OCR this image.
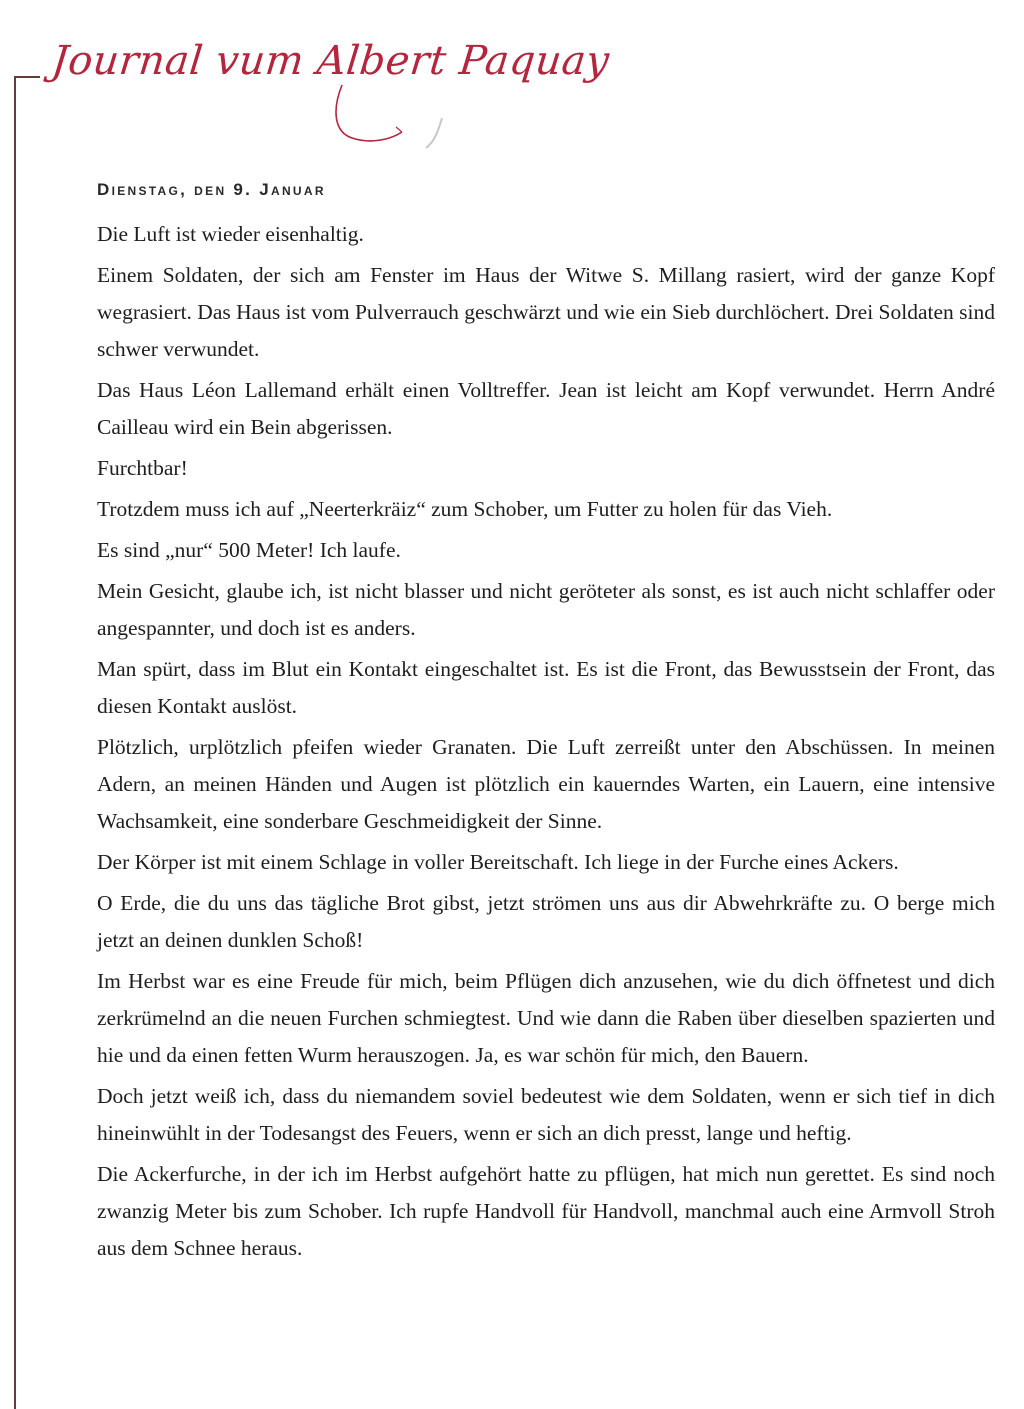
Journal vum Albert Paquay
Dienstag, den 9. Januar

Die Luft ist wieder eisenhaltig.

Einem Soldaten, der sich am Fenster im Haus der Witwe S. Millang rasiert, wird der ganze Kopf wegrasiert. Das Haus ist vom Pulverrauch geschwärzt und wie ein Sieb durchlöchert. Drei Soldaten sind schwer verwundet.

Das Haus Léon Lallemand erhält einen Volltreffer. Jean ist leicht am Kopf verwundet. Herrn André Cailleau wird ein Bein abgerissen.

Furchtbar!

Trotzdem muss ich auf „Neerterkräiz“ zum Schober, um Futter zu holen für das Vieh.

Es sind „nur“ 500 Meter! Ich laufe.

Mein Gesicht, glaube ich, ist nicht blasser und nicht geröteter als sonst, es ist auch nicht schlaffer oder angespannter, und doch ist es anders.

Man spürt, dass im Blut ein Kontakt eingeschaltet ist. Es ist die Front, das Bewusstsein der Front, das diesen Kontakt auslöst.

Plötzlich, urplötzlich pfeifen wieder Granaten. Die Luft zerreißt unter den Abschüssen. In meinen Adern, an meinen Händen und Augen ist plötzlich ein kauerndes Warten, ein Lauern, eine intensive Wachsamkeit, eine sonderbare Geschmeidigkeit der Sinne.

Der Körper ist mit einem Schlage in voller Bereitschaft. Ich liege in der Furche eines Ackers.

O Erde, die du uns das tägliche Brot gibst, jetzt strömen uns aus dir Abwehrkräfte zu. O berge mich jetzt an deinen dunklen Schoß!

Im Herbst war es eine Freude für mich, beim Pflügen dich anzusehen, wie du dich öffnetest und dich zerkrümelnd an die neuen Furchen schmiegtest. Und wie dann die Raben über dieselben spazierten und hie und da einen fetten Wurm herauszogen. Ja, es war schön für mich, den Bauern.

Doch jetzt weiß ich, dass du niemandem soviel bedeutest wie dem Soldaten, wenn er sich tief in dich hineinwühlt in der Todesangst des Feuers, wenn er sich an dich presst, lange und heftig.

Die Ackerfurche, in der ich im Herbst aufgehört hatte zu pflügen, hat mich nun gerettet. Es sind noch zwanzig Meter bis zum Schober. Ich rupfe Handvoll für Handvoll, manchmal auch eine Armvoll Stroh aus dem Schnee heraus.
